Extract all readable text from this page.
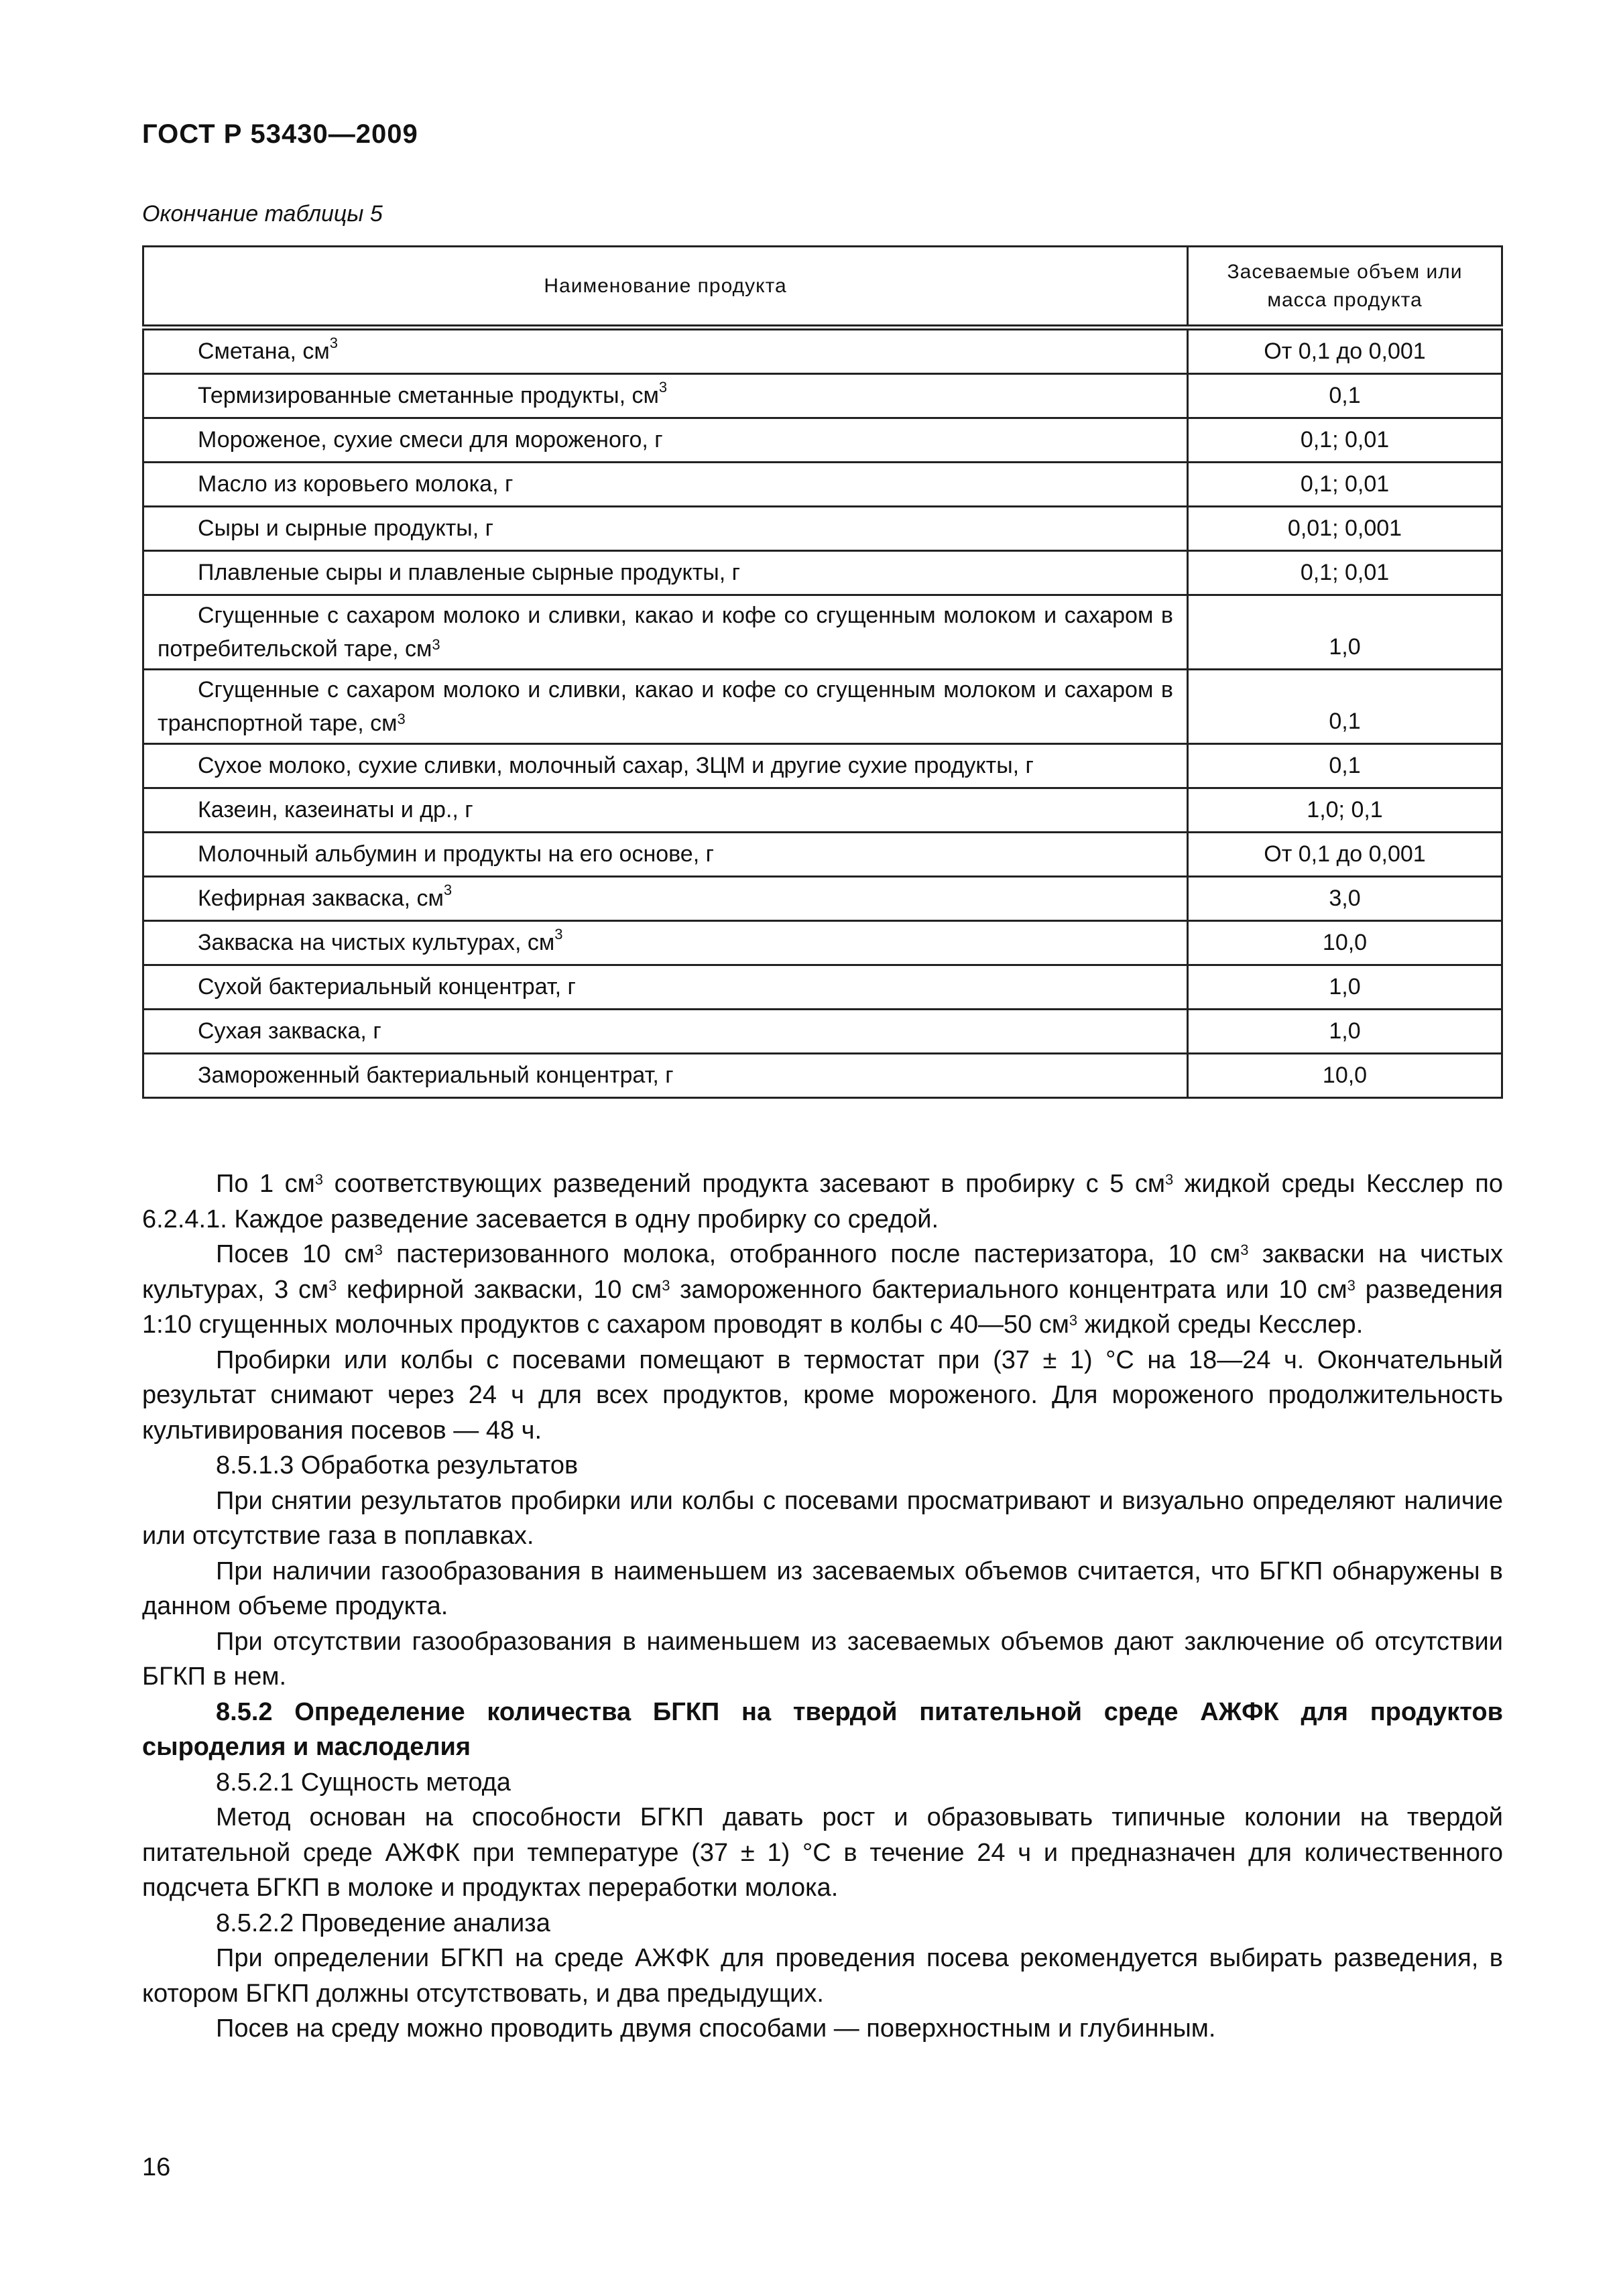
ГОСТ Р 53430—2009
Окончание таблицы 5
Наименование продукта	Засеваемые объем или масса продукта
Сметана, $см^3$	От 0,1 до 0,001
Термизированные сметанные продукты, $см^3$	0,1
Мороженое, сухие смеси для мороженого, г	0,1; 0,01
Масло из коровьего молока, г	0,1; 0,01
Сыры и сырные продукты, г	0,01; 0,001
Плавленые сыры и плавленые сырные продукты, г	0,1; 0,01
Сгущенные с сахаром молоко и сливки, какао и кофе со сгущенным молоком и сахаром в потребительской таре, $см^3$	1,0
Сгущенные с сахаром молоко и сливки, какао и кофе со сгущенным молоком и сахаром в транспортной таре, $см^3$	0,1
Сухое молоко, сухие сливки, молочный сахар, ЗЦМ и другие сухие продукты, г	0,1
Казеин, казеинаты и др., г	1,0; 0,1
Молочный альбумин и продукты на его основе, г	От 0,1 до 0,001
Кефирная закваска, $см^3$	3,0
Закваска на чистых культурах, $см^3$	10,0
Сухой бактериальный концентрат, г	1,0
Сухая закваска, г	1,0
Замороженный бактериальный концентрат, г	10,0

По 1 $см^3$ соответствующих разведений продукта засевают в пробирку с 5 $см^3$ жидкой среды Кесслер по 6.2.4.1. Каждое разведение засевается в одну пробирку со средой.

Посев 10 $см^3$ пастеризованного молока, отобранного после пастеризатора, 10 $см^3$ закваски на чистых культурах, 3 $см^3$ кефирной закваски, 10 $см^3$ замороженного бактериального концентрата или 10 $см^3$ разведения 1:10 сгущенных молочных продуктов с сахаром проводят в колбы с 40—50 $см^3$ жидкой среды Кесслер.

Пробирки или колбы с посевами помещают в термостат при (37 ± 1) °С на 18—24 ч. Окончательный результат снимают через 24 ч для всех продуктов, кроме мороженого. Для мороженого продолжительность культивирования посевов — 48 ч.

8.5.1.3 Обработка результатов

При снятии результатов пробирки или колбы с посевами просматривают и визуально определяют наличие или отсутствие газа в поплавках.

При наличии газообразования в наименьшем из засеваемых объемов считается, что БГКП обнаружены в данном объеме продукта.

При отсутствии газообразования в наименьшем из засеваемых объемов дают заключение об отсутствии БГКП в нем.

8.5.2 Определение количества БГКП на твердой питательной среде АЖФК для продуктов сыроделия и маслоделия

8.5.2.1 Сущность метода

Метод основан на способности БГКП давать рост и образовывать типичные колонии на твердой питательной среде АЖФК при температуре (37 ± 1) °С в течение 24 ч и предназначен для количественного подсчета БГКП в молоке и продуктах переработки молока.

8.5.2.2 Проведение анализа

При определении БГКП на среде АЖФК для проведения посева рекомендуется выбирать разведения, в котором БГКП должны отсутствовать, и два предыдущих.

Посев на среду можно проводить двумя способами — поверхностным и глубинным.

16
